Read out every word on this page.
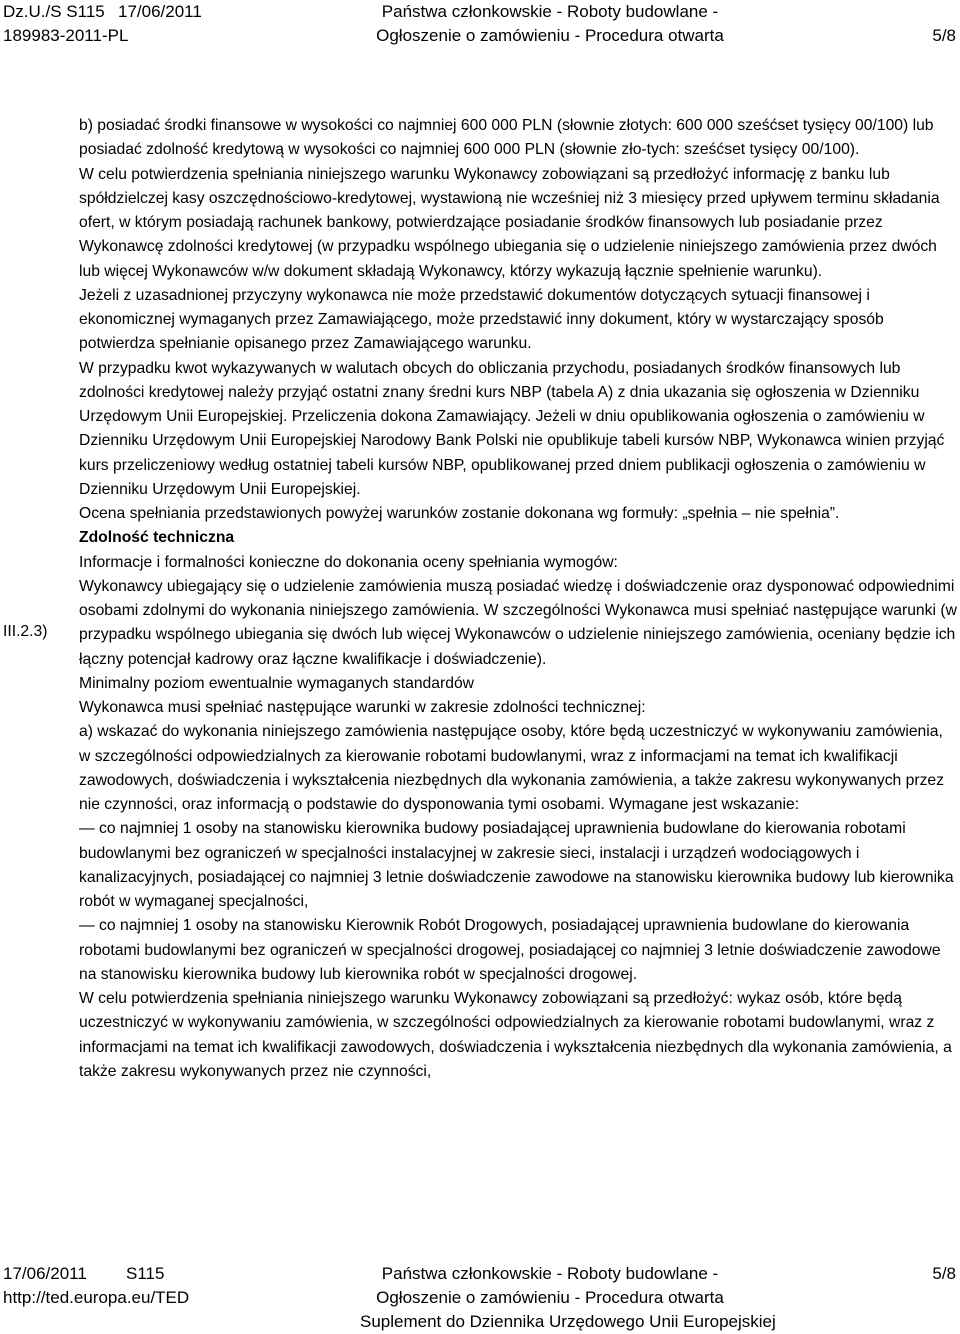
Dz.U./S S115
189983-2011-PL
17/06/2011	Państwa członkowskie - Roboty budowlane -
Ogłoszenie o zamówieniu - Procedura otwarta	5/8
III.2.3)

b) posiadać środki finansowe w wysokości co najmniej 600 000 PLN (słownie złotych: 600 000 sześćset tysięcy 00/100) lub posiadać zdolność kredytową w wysokości co najmniej 600 000 PLN (słownie zło-tych: sześćset tysięcy 00/100).

W celu potwierdzenia spełniania niniejszego warunku Wykonawcy zobowiązani są przedłożyć informację z banku lub spółdzielczej kasy oszczędnościowo-kredytowej, wystawioną nie wcześniej niż 3 miesięcy przed upływem terminu składania ofert, w którym posiadają rachunek bankowy, potwierdzające posiadanie środków finansowych lub posiadanie przez Wykonawcę zdolności kredytowej (w przypadku wspólnego ubiegania się o udzielenie niniejszego zamówienia przez dwóch lub więcej Wykonawców w/w dokument składają Wykonawcy, którzy wykazują łącznie spełnienie warunku).

Jeżeli z uzasadnionej przyczyny wykonawca nie może przedstawić dokumentów dotyczących sytuacji finansowej i ekonomicznej wymaganych przez Zamawiającego, może przedstawić inny dokument, który w wystarczający sposób potwierdza spełnianie opisanego przez Zamawiającego warunku.

W przypadku kwot wykazywanych w walutach obcych do obliczania przychodu, posiadanych środków finansowych lub zdolności kredytowej należy przyjąć ostatni znany średni kurs NBP (tabela A) z dnia ukazania się ogłoszenia w Dzienniku Urzędowym Unii Europejskiej. Przeliczenia dokona Zamawiający. Jeżeli w dniu opublikowania ogłoszenia o zamówieniu w Dzienniku Urzędowym Unii Europejskiej Narodowy Bank Polski nie opublikuje tabeli kursów NBP, Wykonawca winien przyjąć kurs przeliczeniowy według ostatniej tabeli kursów NBP, opublikowanej przed dniem publikacji ogłoszenia o zamówieniu w Dzienniku Urzędowym Unii Europejskiej.

Ocena spełniania przedstawionych powyżej warunków zostanie dokonana wg formuły: „spełnia – nie spełnia”.

Zdolność techniczna

Informacje i formalności konieczne do dokonania oceny spełniania wymogów:

Wykonawcy ubiegający się o udzielenie zamówienia muszą posiadać wiedzę i doświadczenie oraz dysponować odpowiednimi osobami zdolnymi do wykonania niniejszego zamówienia. W szczególności Wykonawca musi spełniać następujące warunki (w przypadku wspólnego ubiegania się dwóch lub więcej Wykonawców o udzielenie niniejszego zamówienia, oceniany będzie ich łączny potencjał kadrowy oraz łączne kwalifikacje i doświadczenie).

Minimalny poziom ewentualnie wymaganych standardów

Wykonawca musi spełniać następujące warunki w zakresie zdolności technicznej:

a) wskazać do wykonania niniejszego zamówienia następujące osoby, które będą uczestniczyć w wykonywaniu zamówienia, w szczególności odpowiedzialnych za kierowanie robotami budowlanymi, wraz z informacjami na temat ich kwalifikacji zawodowych, doświadczenia i wykształcenia niezbędnych dla wykonania zamówienia, a także zakresu wykonywanych przez nie czynności, oraz informacją o podstawie do dysponowania tymi osobami. Wymagane jest wskazanie:

— co najmniej 1 osoby na stanowisku kierownika budowy posiadającej uprawnienia budowlane do kierowania robotami budowlanymi bez ograniczeń w specjalności instalacyjnej w zakresie sieci, instalacji i urządzeń wodociągowych i kanalizacyjnych, posiadającej co najmniej 3 letnie doświadczenie zawodowe na stanowisku kierownika budowy lub kierownika robót w wymaganej specjalności,

— co najmniej 1 osoby na stanowisku Kierownik Robót Drogowych, posiadającej uprawnienia budowlane do kierowania robotami budowlanymi bez ograniczeń w specjalności drogowej, posiadającej co najmniej 3 letnie doświadczenie zawodowe na stanowisku kierownika budowy lub kierownika robót w specjalności drogowej.

W celu potwierdzenia spełniania niniejszego warunku Wykonawcy zobowiązani są przedłożyć: wykaz osób, które będą uczestniczyć w wykonywaniu zamówienia, w szczególności odpowiedzialnych za kierowanie robotami budowlanymi, wraz z informacjami na temat ich kwalifikacji zawodowych, doświadczenia i wykształcenia niezbędnych dla wykonania zamówienia, a także zakresu wykonywanych przez nie czynności,

17/06/2011 S115
http://ted.europa.eu/TED
Państwa członkowskie - Roboty budowlane -
Ogłoszenie o zamówieniu - Procedura otwarta
Suplement do Dziennika Urzędowego Unii Europejskiej
5/8
